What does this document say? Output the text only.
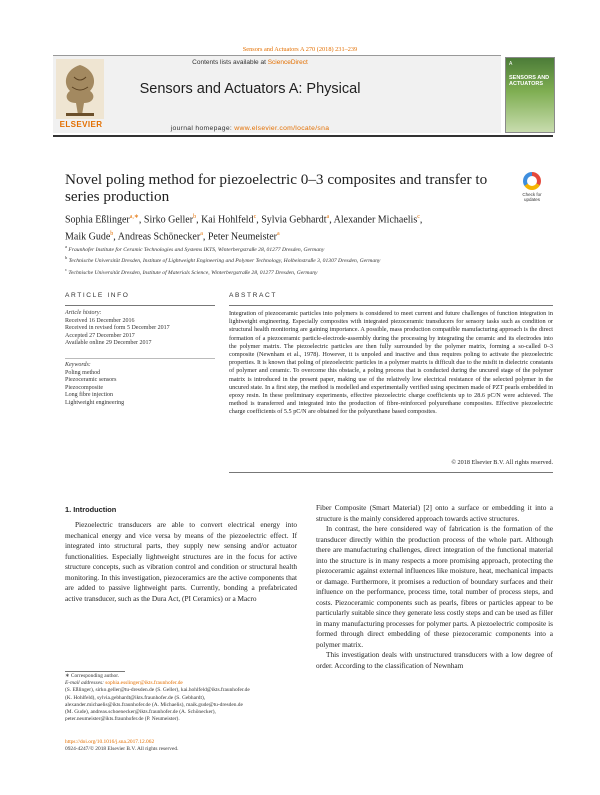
Sensors and Actuators A 270 (2018) 231–239
ELSEVIER
Contents lists available at ScienceDirect
Sensors and Actuators A: Physical
journal homepage: www.elsevier.com/locate/sna
A
SENSORS AND ACTUATORS
Novel poling method for piezoelectric 0–3 composites and transfer to series production	Check for updates
Sophia Eßlinger$^{a,∗}$, Sirko Geller$^b$, Kai Hohlfeld$^c$, Sylvia Gebhardt$^a$, Alexander Michaelis$^c$,
Maik Gude$^b$, Andreas Schönecker$^a$, Peter Neumeister$^a$
$^a$ Fraunhofer Institute for Ceramic Technologies and Systems IKTS, Winterbergstraße 28, 01277 Dresden, Germany
$^b$ Technische Universität Dresden, Institute of Lightweight Engineering and Polymer Technology, Holbeinstraße 3, 01307 Dresden, Germany
$^c$ Technische Universität Dresden, Institute of Materials Science, Winterbergstraße 28, 01277 Dresden, Germany
ARTICLE INFO	ABSTRACT
Article history:
Received 16 December 2016
Received in revised form 5 December 2017
Accepted 27 December 2017
Available online 29 December 2017
Keywords:
Poling method
Piezoceramic sensors
Piezocomposite
Long fibre injection
Lightweight engineering
Integration of piezoceramic particles into polymers is considered to meet current and future challenges of function integration in lightweight engineering. Especially composites with integrated piezoceramic transducers for sensory tasks such as condition or structural health monitoring are gaining importance. A possible, mass production compatible manufacturing approach is the direct formation of a piezoceramic particle-electrode-assembly during the processing by integrating the ceramic and its electrodes into the polymer matrix. The piezoelectric particles are then fully surrounded by the polymer matrix, forming a so-called 0–3 composite (Newnham et al., 1978). However, it is unpoled and inactive and thus requires poling to activate the piezoelectric properties. It is known that poling of piezoelectric particles in a polymer matrix is difficult due to the misfit in dielectric constants of polymer and ceramic. To overcome this obstacle, a poling process that is conducted during the uncured stage of the polymer matrix is introduced in the present paper, making use of the relatively low electrical resistance of the selected polymer in the uncured state. In a first step, the method is modelled and experimentally verified using specimen made of PZT pearls embedded in epoxy resin. In these preliminary experiments, effective piezoelectric charge coefficients up to 28.6 pC/N were achieved. The method is transferred and integrated into the production of fibre-reinforced polyurethane composites. Effective piezoelectric charge coefficients of 5.5 pC/N are obtained for the polyurethane based composites.
© 2018 Elsevier B.V. All rights reserved.
1. Introduction

Piezoelectric transducers are able to convert electrical energy into mechanical energy and vice versa by means of the piezoelectric effect. If integrated into structural parts, they supply new sensing and/or actuator functionalities. Especially lightweight structures are in the focus for active structure concepts, such as vibration control and condition or structural health monitoring. In this investigation, piezoceramics are the active components that are added to passive lightweight parts. Currently, bonding a prefabricated active transducer, such as the Dura Act, (PI Ceramics) or a Macro

Fiber Composite (Smart Material) [2] onto a surface or embedding it into a structure is the mainly considered approach towards active structures.

In contrast, the here considered way of fabrication is the formation of the transducer directly within the production process of the whole part. Although there are manufacturing challenges, direct integration of the functional material into the structure is in many respects a more promising approach, protecting the piezoceramic against external influences like moisture, heat, mechanical impacts or damage. Furthermore, it promises a reduction of boundary surfaces and their influence on the performance, process time, total number of process steps, and costs. Piezoceramic components such as pearls, fibres or particles appear to be particularly suitable since they generate less costly steps and can be used as filler in many manufacturing processes for polymer parts. A piezoelectric composite is formed through direct embedding of these piezoceramic components into a polymer matrix.

This investigation deals with unstructured transducers with a low degree of order. According to the classification of Newnham

∗ Corresponding author.
E-mail addresses: sophia.esslinger@ikts.fraunhofer.de
(S. Eßlinger), sirko.geller@tu-dresden.de (S. Geller), kai.hohlfeld@ikts.fraunhofer.de
(K. Hohlfeld), sylvia.gebhardt@ikts.fraunhofer.de (S. Gebhardt),
alexander.michaelis@ikts.fraunhofer.de (A. Michaelis), maik.gude@tu-dresden.de
(M. Gude), andreas.schoenecker@ikts.fraunhofer.de (A. Schönecker),
peter.neumeister@ikts.fraunhofer.de (P. Neumeister).
https://doi.org/10.1016/j.sna.2017.12.062
0924-4247/© 2018 Elsevier B.V. All rights reserved.
